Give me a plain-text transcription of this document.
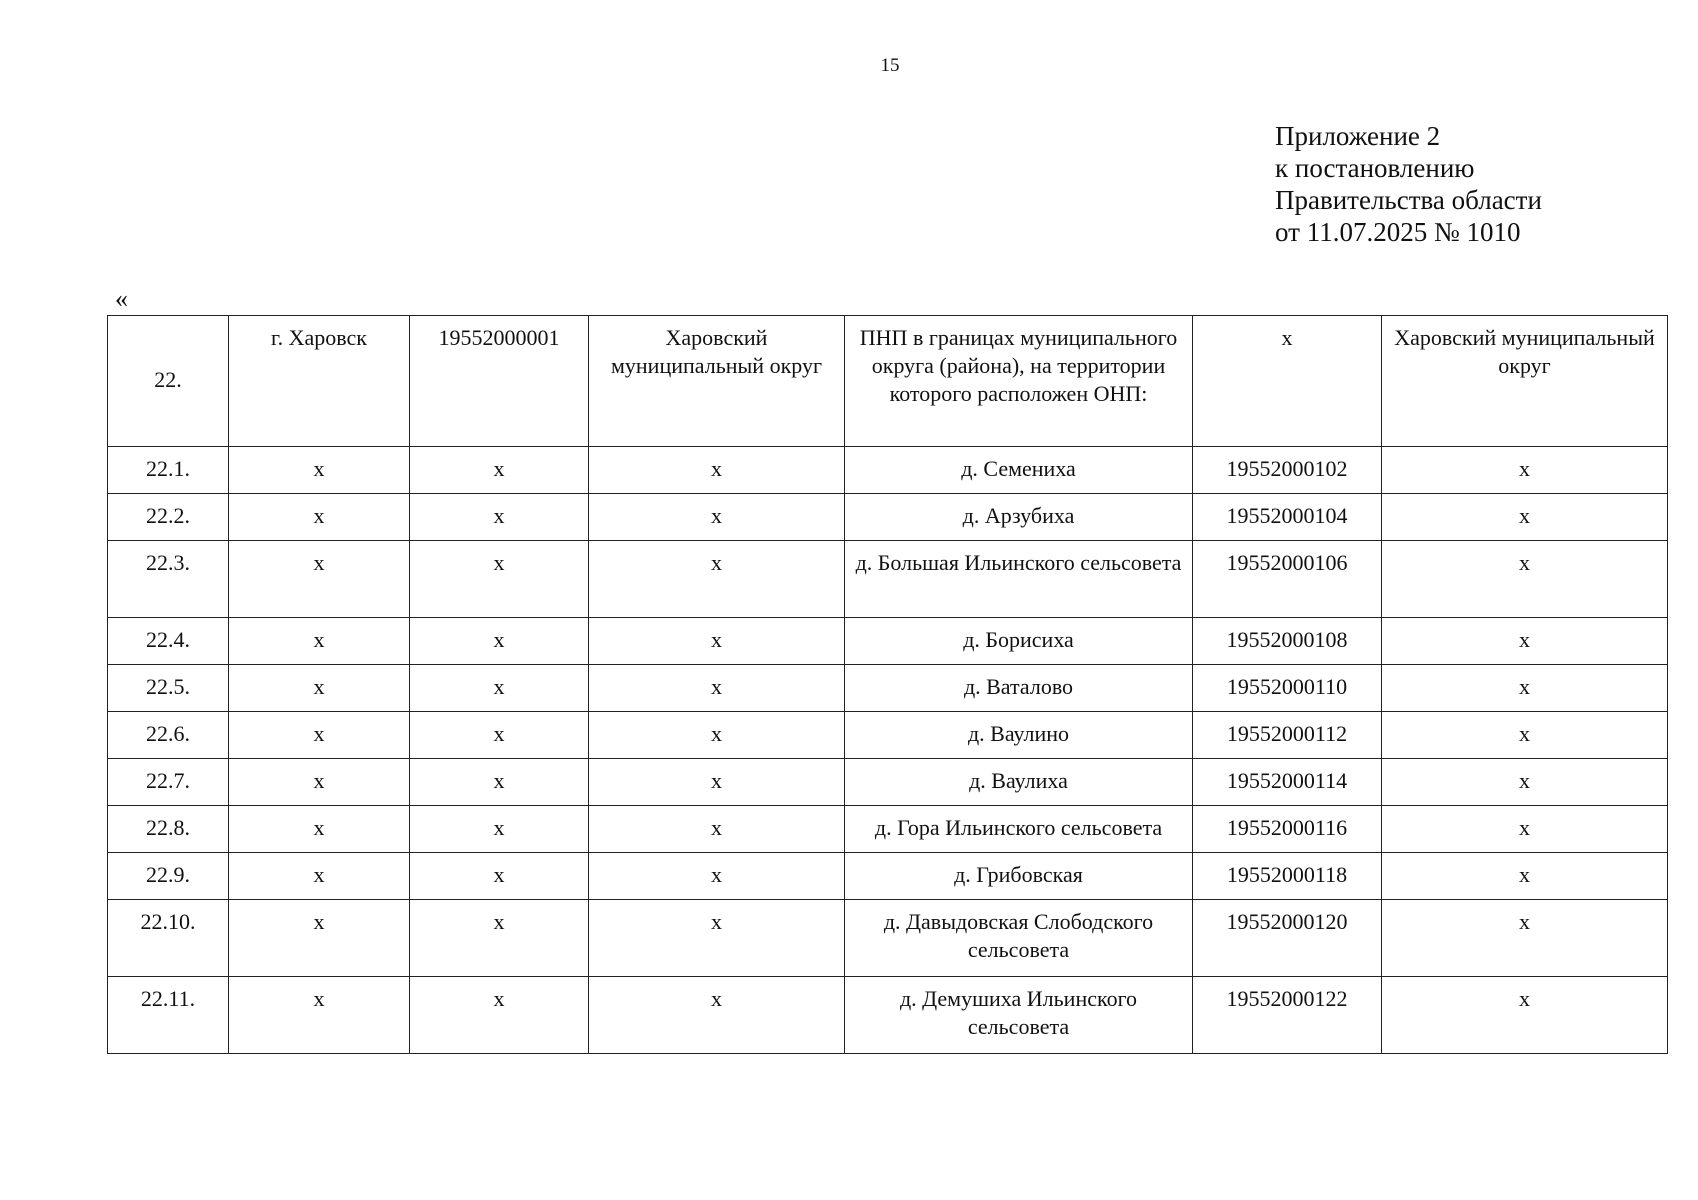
15
Приложение 2
к постановлению
Правительства области
от 11.07.2025 № 1010
«
22.	г. Харовск	19552000001	Харовский муниципальный округ	ПНП в границах муниципального округа (района), на территории которого расположен ОНП:	x	Харовский муниципальный округ
22.1.	x	x	x	д. Семениха	19552000102	x
22.2.	x	x	x	д. Арзубиха	19552000104	x
22.3.	x	x	x	д. Большая Ильинского сельсовета	19552000106	x
22.4.	x	x	x	д. Борисиха	19552000108	x
22.5.	x	x	x	д. Ваталово	19552000110	x
22.6.	x	x	x	д. Ваулино	19552000112	x
22.7.	x	x	x	д. Ваулиха	19552000114	x
22.8.	x	x	x	д. Гора Ильинского сельсовета	19552000116	x
22.9.	x	x	x	д. Грибовская	19552000118	x
22.10.	x	x	x	д. Давыдовская Слободского сельсовета	19552000120	x
22.11.	x	x	x	д. Демушиха Ильинского сельсовета	19552000122	x
